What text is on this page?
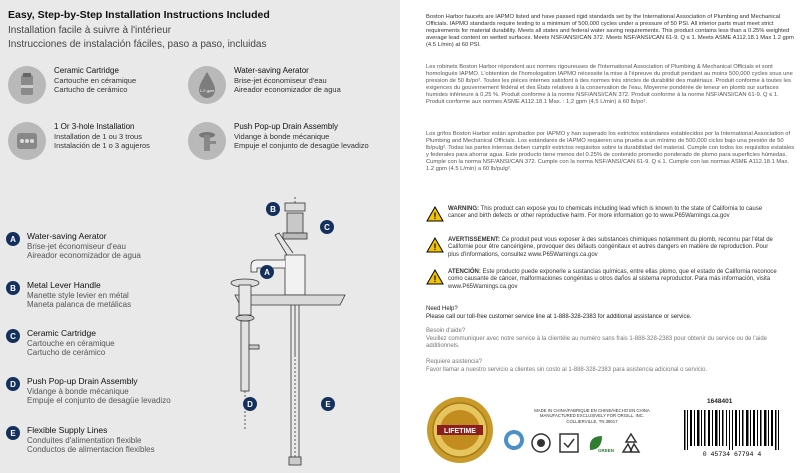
Easy, Step-by-Step Installation Instructions Included
Installation facile à suivre à l'intérieur
Instrucciones de instalación fáciles, paso a paso, incluidas
Ceramic Cartridge
Cartouche en céramique
Cartucho de cerámico	1.2 gpm
Water-saving Aerator
Brise-jet économiseur d'eau
Aireador economizador de agua
1 Or 3-hole Installation
Installation de 1 ou 3 trous
Instalación de 1 o 3 agujeros
Push Pop-up Drain Assembly
Vidange à bonde mécanique
Empuje el conjunto de desagüe levadizo
A	Water-saving Aerator
Brise-jet économiseur d'eau
Aireador economizador de agua
B	Metal Lever Handle
Manette style levier en métal
Maneta palanca de metálicas
C	Ceramic Cartridge
Cartouche en céramique
Cartucho de cerámico
D	Push Pop-up Drain Assembly
Vidange à bonde mécanique
Empuje el conjunto de desagüe levadizo
E	Flexible Supply Lines
Conduites d'alimentation flexible
Conductos de alimentacion flexibles
B
C
A
D	E
Boston Harbor faucets are IAPMO listed and have passed rigid standards set by the International Association of Plumbing and Mechanical Officials. IAPMO standards require testing to a minimum of 500,000 cycles under a pressure of 50 PSI. All interior parts must meet strict requirements for material durability. Meets all states and federal water saving requirements. This product contains less than a 0.25% weighted average lead content on wetted surfaces. Meets NSF/ANSI/CAN 372. Meets NSF/ANSI/CAN 61-9. Q ≤ 1. Meets ASME A112.18.1 Max 1.2 gpm (4.5 L/min) at 60 PSI.
Les robinets Boston Harbor répondent aux normes rigoureuses de l'International Association of Plumbing & Mechanical Officials et sont homologués IAPMO. L'obtention de l'homologation IAPMO nécessite la mise à l'épreuve du produit pendant au moins 500,000 cycles sous une pression de 50 lb/po². Toutes les pièces internes satisfont à des normes très strictes de durabilité des matériaux. Produit conforme à toutes les exigences du gouvernement fédéral et des États relatives à la conservation de l'eau. Moyenne pondérée de teneur en plomb sur surfaces humides inférieure à 0,25 %. Produit conforme à la norme NSF/ANSI/CAN 372. Produit conforme à la norme NSF/ANSI/CAN 61-9. Q ≤ 1. Produit conforme aux normes ASME A112.18.1 Max. : 1,2 gpm (4,5 L/min) à 60 lb/po².
Los grifos Boston Harbor están aprobados por IAPMO y han superado los estrictos estándares establecidos por la International Association of Plumbing and Mechanical Officials. Los estándares de IAPMO requieren una prueba a un mínimo de 500,000 ciclos bajo una presión de 50 lb/pulg². Todas las partes internas deben cumplir estrictos requisitos sobre la durabilidad del material. Cumple con todos los requisitos estatales y federales para ahorrar agua. Este producto tiene menos del 0.25% de contenido promedio ponderado de plomo para superficies húmedas. Cumple con la norma NSF/ANSI/CAN 372. Cumple con la norma NSF/ANSI/CAN 61-9. Q ≤ 1. Cumple con las normas ASME A112.18.1 Max. 1.2 gpm (4.5 L/min) a 60 lb/pulg².
!
WARNING: This product can expose you to chemicals including lead which is known to the state of California to cause cancer and birth defects or other reproductive harm. For more information go to www.P65Warnings.ca.gov
!
AVERTISSEMENT: Ce produit peut vous exposer à des substances chimiques notamment du plomb, reconnu par l'état de Californie pour être cancérigène, provoquer des défauts congénitaux et autres dangers en matière de reproduction. Pour plus d'informations, consultez www.P65Warnings.ca.gov
!
ATENCIÓN: Este producto puede exponerle a sustancias químicas, entre ellas plomo, que el estado de California reconoce como causante de cáncer, malformaciones congénitas u otros daños al sistema reproductor. Para más información, visita www.P65Warnings.ca.gov
Need Help?
Please call our toll-free customer service line at 1-888-328-2383 for additional assistance or service.
Besoin d'aide?
Veuillez communiquer avec notre service à la clientèle au numéro sans frais 1-888-328-2383 pour obtenir du service ou de l'aide additionnels.
Requiere asistencia?
Favor llamar a nuestro servicio a clientes sin costo al 1-888-328-2383 para asistencia adicional o servicio.
1648401
MADE IN CHINA/FABRIQUE EN CHINE/HECHO EN CHINA
MANUFACTURED EXCLUSIVELY FOR ORGILL, INC.
COLLIERVILLE, TN 38017
LIFETIME
GREEN
0 45734 67794 4
